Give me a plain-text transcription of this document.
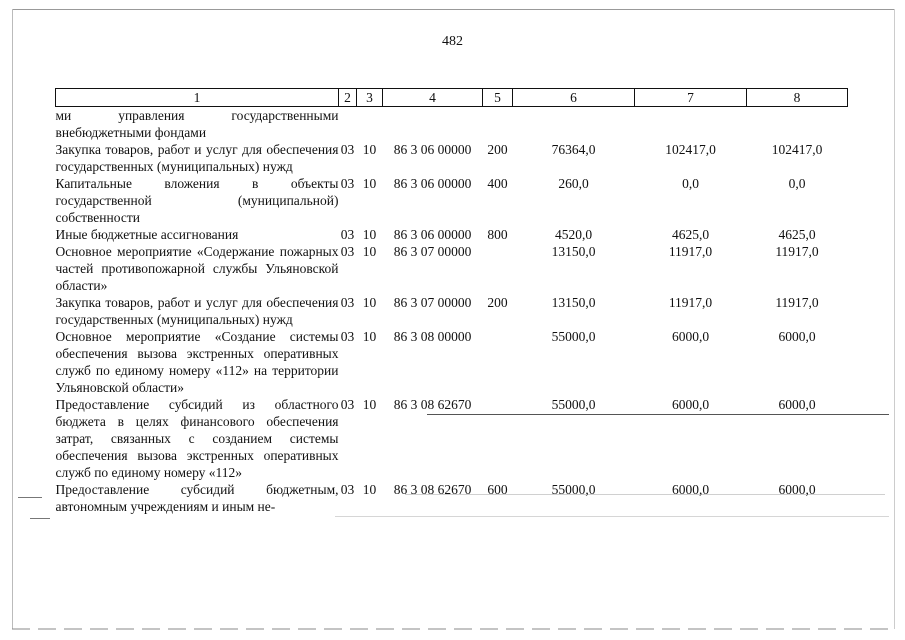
482
1	2	3	4	5	6	7	8
ми управления государственными внебюджетными фондами							
Закупка товаров, работ и услуг для обеспечения государственных (муниципальных) нужд	03	10	86 3 06 00000	200	76364,0	102417,0	102417,0
Капитальные вложения в объекты государственной (муниципальной) собственности	03	10	86 3 06 00000	400	260,0	0,0	0,0
Иные бюджетные ассигнования	03	10	86 3 06 00000	800	4520,0	4625,0	4625,0
Основное мероприятие «Содержание пожарных частей противопожарной службы Ульяновской области»	03	10	86 3 07 00000		13150,0	11917,0	11917,0
Закупка товаров, работ и услуг для обеспечения государственных (муниципальных) нужд	03	10	86 3 07 00000	200	13150,0	11917,0	11917,0
Основное мероприятие «Создание системы обеспечения вызова экстренных оперативных служб по единому номеру «112» на территории Ульяновской области»	03	10	86 3 08 00000		55000,0	6000,0	6000,0
Предоставление субсидий из областного бюджета в целях финансового обеспечения затрат, связанных с созданием системы обеспечения вызова экстренных оперативных служб по единому номеру «112»	03	10	86 3 08 62670		55000,0	6000,0	6000,0
Предоставление субсидий бюджетным, автономным учреждениям и иным не-	03	10	86 3 08 62670	600	55000,0	6000,0	6000,0
